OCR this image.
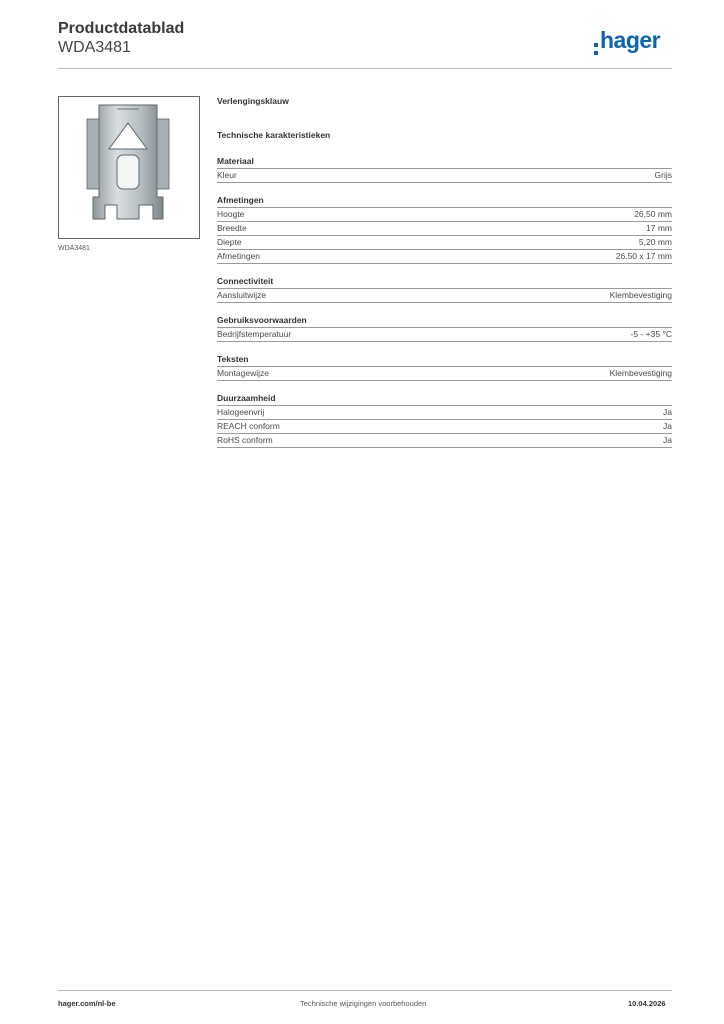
Productdatablad
WDA3481	hager
WDA3481
Verlengingsklauw
Technische karakteristieken
Materiaal
Kleur	Grijs
Afmetingen
Hoogte	26,50 mm
Breedte	17 mm
Diepte	5,20 mm
Afmetingen	26.50 x 17 mm
Connectiviteit
Aansluitwijze	Klembevestiging
Gebruiksvoorwaarden
Bedrijfstemperatuur	-5 - +35 °C
Teksten
Montagewijze	Klembevestiging
Duurzaamheid
Halogeenvrij	Ja
REACH conform	Ja
RoHS conform	Ja
hager.com/nl-be	Technische wijzigingen voorbehouden	10.04.2026
